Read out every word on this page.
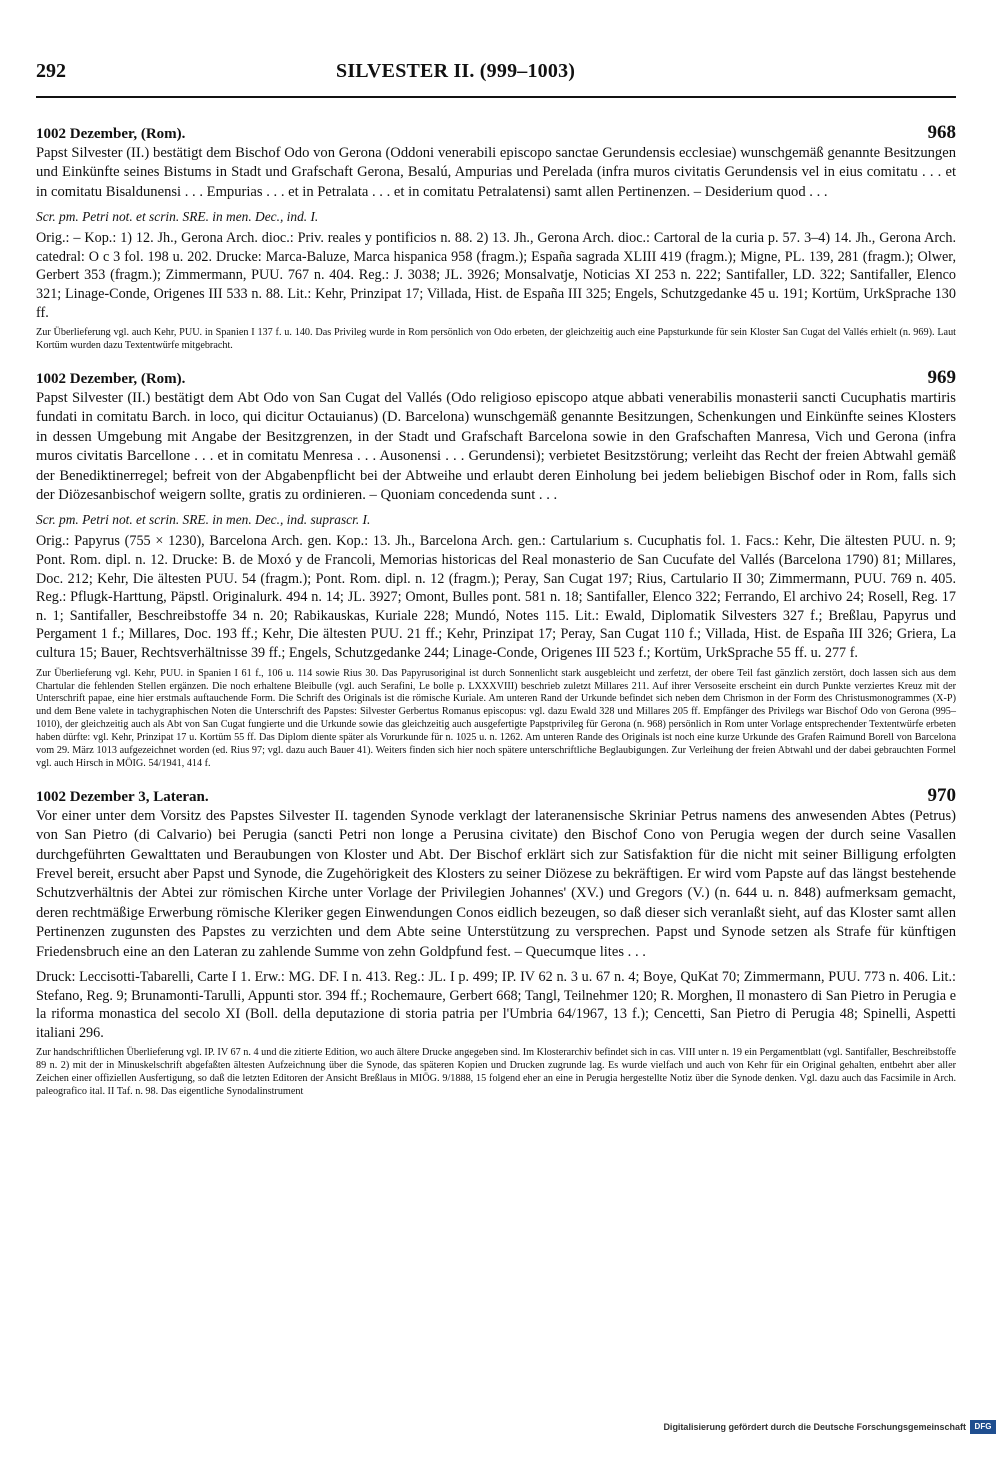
292	SILVESTER II. (999–1003)
1002 Dezember, (Rom).	968

Papst Silvester (II.) bestätigt dem Bischof Odo von Gerona (Oddoni venerabili episcopo sanctae Gerundensis ecclesiae) wunschgemäß genannte Besitzungen und Einkünfte seines Bistums in Stadt und Grafschaft Gerona, Besalú, Ampurias und Perelada (infra muros civitatis Gerundensis vel in eius comitatu . . . et in comitatu Bisaldunensi . . . Empurias . . . et in Petralata . . . et in comitatu Petralatensi) samt allen Pertinenzen. – Desiderium quod . . .

Scr. pm. Petri not. et scrin. SRE. in men. Dec., ind. I.

Orig.: – Kop.: 1) 12. Jh., Gerona Arch. dioc.: Priv. reales y pontificios n. 88. 2) 13. Jh., Gerona Arch. dioc.: Cartoral de la curia p. 57. 3–4) 14. Jh., Gerona Arch. catedral: O c 3 fol. 198 u. 202. Drucke: Marca-Baluze, Marca hispanica 958 (fragm.); España sagrada XLIII 419 (fragm.); Migne, PL. 139, 281 (fragm.); Olwer, Gerbert 353 (fragm.); Zimmermann, PUU. 767 n. 404. Reg.: J. 3038; JL. 3926; Monsalvatje, Noticias XI 253 n. 222; Santifaller, LD. 322; Santifaller, Elenco 321; Linage-Conde, Origenes III 533 n. 88. Lit.: Kehr, Prinzipat 17; Villada, Hist. de España III 325; Engels, Schutzgedanke 45 u. 191; Kortüm, UrkSprache 130 ff.

Zur Überlieferung vgl. auch Kehr, PUU. in Spanien I 137 f. u. 140. Das Privileg wurde in Rom persönlich von Odo erbeten, der gleichzeitig auch eine Papsturkunde für sein Kloster San Cugat del Vallés erhielt (n. 969). Laut Kortüm wurden dazu Textentwürfe mitgebracht.

1002 Dezember, (Rom).	969

Papst Silvester (II.) bestätigt dem Abt Odo von San Cugat del Vallés (Odo religioso episcopo atque abbati venerabilis monasterii sancti Cucuphatis martiris fundati in comitatu Barch. in loco, qui dicitur Octauianus) (D. Barcelona) wunschgemäß genannte Besitzungen, Schenkungen und Einkünfte seines Klosters in dessen Umgebung mit Angabe der Besitzgrenzen, in der Stadt und Grafschaft Barcelona sowie in den Grafschaften Manresa, Vich und Gerona (infra muros civitatis Barcellone . . . et in comitatu Menresa . . . Ausonensi . . . Gerundensi); verbietet Besitzstörung; verleiht das Recht der freien Abtwahl gemäß der Benediktinerregel; befreit von der Abgabenpflicht bei der Abtweihe und erlaubt deren Einholung bei jedem beliebigen Bischof oder in Rom, falls sich der Diözesanbischof weigern sollte, gratis zu ordinieren. – Quoniam concedenda sunt . . .

Scr. pm. Petri not. et scrin. SRE. in men. Dec., ind. suprascr. I.

Orig.: Papyrus (755 × 1230), Barcelona Arch. gen. Kop.: 13. Jh., Barcelona Arch. gen.: Cartularium s. Cucuphatis fol. 1. Facs.: Kehr, Die ältesten PUU. n. 9; Pont. Rom. dipl. n. 12. Drucke: B. de Moxó y de Francoli, Memorias historicas del Real monasterio de San Cucufate del Vallés (Barcelona 1790) 81; Millares, Doc. 212; Kehr, Die ältesten PUU. 54 (fragm.); Pont. Rom. dipl. n. 12 (fragm.); Peray, San Cugat 197; Rius, Cartulario II 30; Zimmermann, PUU. 769 n. 405. Reg.: Pflugk-Harttung, Päpstl. Originalurk. 494 n. 14; JL. 3927; Omont, Bulles pont. 581 n. 18; Santifaller, Elenco 322; Ferrando, El archivo 24; Rosell, Reg. 17 n. 1; Santifaller, Beschreibstoffe 34 n. 20; Rabikauskas, Kuriale 228; Mundó, Notes 115. Lit.: Ewald, Diplomatik Silvesters 327 f.; Breßlau, Papyrus und Pergament 1 f.; Millares, Doc. 193 ff.; Kehr, Die ältesten PUU. 21 ff.; Kehr, Prinzipat 17; Peray, San Cugat 110 f.; Villada, Hist. de España III 326; Griera, La cultura 15; Bauer, Rechtsverhältnisse 39 ff.; Engels, Schutzgedanke 244; Linage-Conde, Origenes III 523 f.; Kortüm, UrkSprache 55 ff. u. 277 f.

Zur Überlieferung vgl. Kehr, PUU. in Spanien I 61 f., 106 u. 114 sowie Rius 30. Das Papyrusoriginal ist durch Sonnenlicht stark ausgebleicht und zerfetzt, der obere Teil fast gänzlich zerstört, doch lassen sich aus dem Chartular die fehlenden Stellen ergänzen. Die noch erhaltene Bleibulle (vgl. auch Serafini, Le bolle p. LXXXVIII) beschrieb zuletzt Millares 211. Auf ihrer Versoseite erscheint ein durch Punkte verziertes Kreuz mit der Unterschrift papae, eine hier erstmals auftauchende Form. Die Schrift des Originals ist die römische Kuriale. Am unteren Rand der Urkunde befindet sich neben dem Chrismon in der Form des Christusmonogrammes (X-P) und dem Bene valete in tachygraphischen Noten die Unterschrift des Papstes: Silvester Gerbertus Romanus episcopus: vgl. dazu Ewald 328 und Millares 205 ff. Empfänger des Privilegs war Bischof Odo von Gerona (995–1010), der gleichzeitig auch als Abt von San Cugat fungierte und die Urkunde sowie das gleichzeitig auch ausgefertigte Papstprivileg für Gerona (n. 968) persönlich in Rom unter Vorlage entsprechender Textentwürfe erbeten haben dürfte: vgl. Kehr, Prinzipat 17 u. Kortüm 55 ff. Das Diplom diente später als Vorurkunde für n. 1025 u. n. 1262. Am unteren Rande des Originals ist noch eine kurze Urkunde des Grafen Raimund Borell von Barcelona vom 29. März 1013 aufgezeichnet worden (ed. Rius 97; vgl. dazu auch Bauer 41). Weiters finden sich hier noch spätere unterschriftliche Beglaubigungen. Zur Verleihung der freien Abtwahl und der dabei gebrauchten Formel vgl. auch Hirsch in MÖIG. 54/1941, 414 f.

1002 Dezember 3, Lateran.	970

Vor einer unter dem Vorsitz des Papstes Silvester II. tagenden Synode verklagt der lateranensische Skriniar Petrus namens des anwesenden Abtes (Petrus) von San Pietro (di Calvario) bei Perugia (sancti Petri non longe a Perusina civitate) den Bischof Cono von Perugia wegen der durch seine Vasallen durchgeführten Gewalttaten und Beraubungen von Kloster und Abt. Der Bischof erklärt sich zur Satisfaktion für die nicht mit seiner Billigung erfolgten Frevel bereit, ersucht aber Papst und Synode, die Zugehörigkeit des Klosters zu seiner Diözese zu bekräftigen. Er wird vom Papste auf das längst bestehende Schutzverhältnis der Abtei zur römischen Kirche unter Vorlage der Privilegien Johannes' (XV.) und Gregors (V.) (n. 644 u. n. 848) aufmerksam gemacht, deren rechtmäßige Erwerbung römische Kleriker gegen Einwendungen Conos eidlich bezeugen, so daß dieser sich veranlaßt sieht, auf das Kloster samt allen Pertinenzen zugunsten des Papstes zu verzichten und dem Abte seine Unterstützung zu versprechen. Papst und Synode setzen als Strafe für künftigen Friedensbruch eine an den Lateran zu zahlende Summe von zehn Goldpfund fest. – Quecumque lites . . .

Druck: Leccisotti-Tabarelli, Carte I 1. Erw.: MG. DF. I n. 413. Reg.: JL. I p. 499; IP. IV 62 n. 3 u. 67 n. 4; Boye, QuKat 70; Zimmermann, PUU. 773 n. 406. Lit.: Stefano, Reg. 9; Brunamonti-Tarulli, Appunti stor. 394 ff.; Rochemaure, Gerbert 668; Tangl, Teilnehmer 120; R. Morghen, Il monastero di San Pietro in Perugia e la riforma monastica del secolo XI (Boll. della deputazione di storia patria per l'Umbria 64/1967, 13 f.); Cencetti, San Pietro di Perugia 48; Spinelli, Aspetti italiani 296.

Zur handschriftlichen Überlieferung vgl. IP. IV 67 n. 4 und die zitierte Edition, wo auch ältere Drucke angegeben sind. Im Klosterarchiv befindet sich in cas. VIII unter n. 19 ein Pergamentblatt (vgl. Santifaller, Beschreibstoffe 89 n. 2) mit der in Minuskelschrift abgefaßten ältesten Aufzeichnung über die Synode, das späteren Kopien und Drucken zugrunde lag. Es wurde vielfach und auch von Kehr für ein Original gehalten, entbehrt aber aller Zeichen einer offiziellen Ausfertigung, so daß die letzten Editoren der Ansicht Breßlaus in MIÖG. 9/1888, 15 folgend eher an eine in Perugia hergestellte Notiz über die Synode denken. Vgl. dazu auch das Facsimile in Arch. paleografico ital. II Taf. n. 98. Das eigentliche Synodalinstrument

Digitalisierung gefördert durch die Deutsche Forschungsgemeinschaft	DFG
